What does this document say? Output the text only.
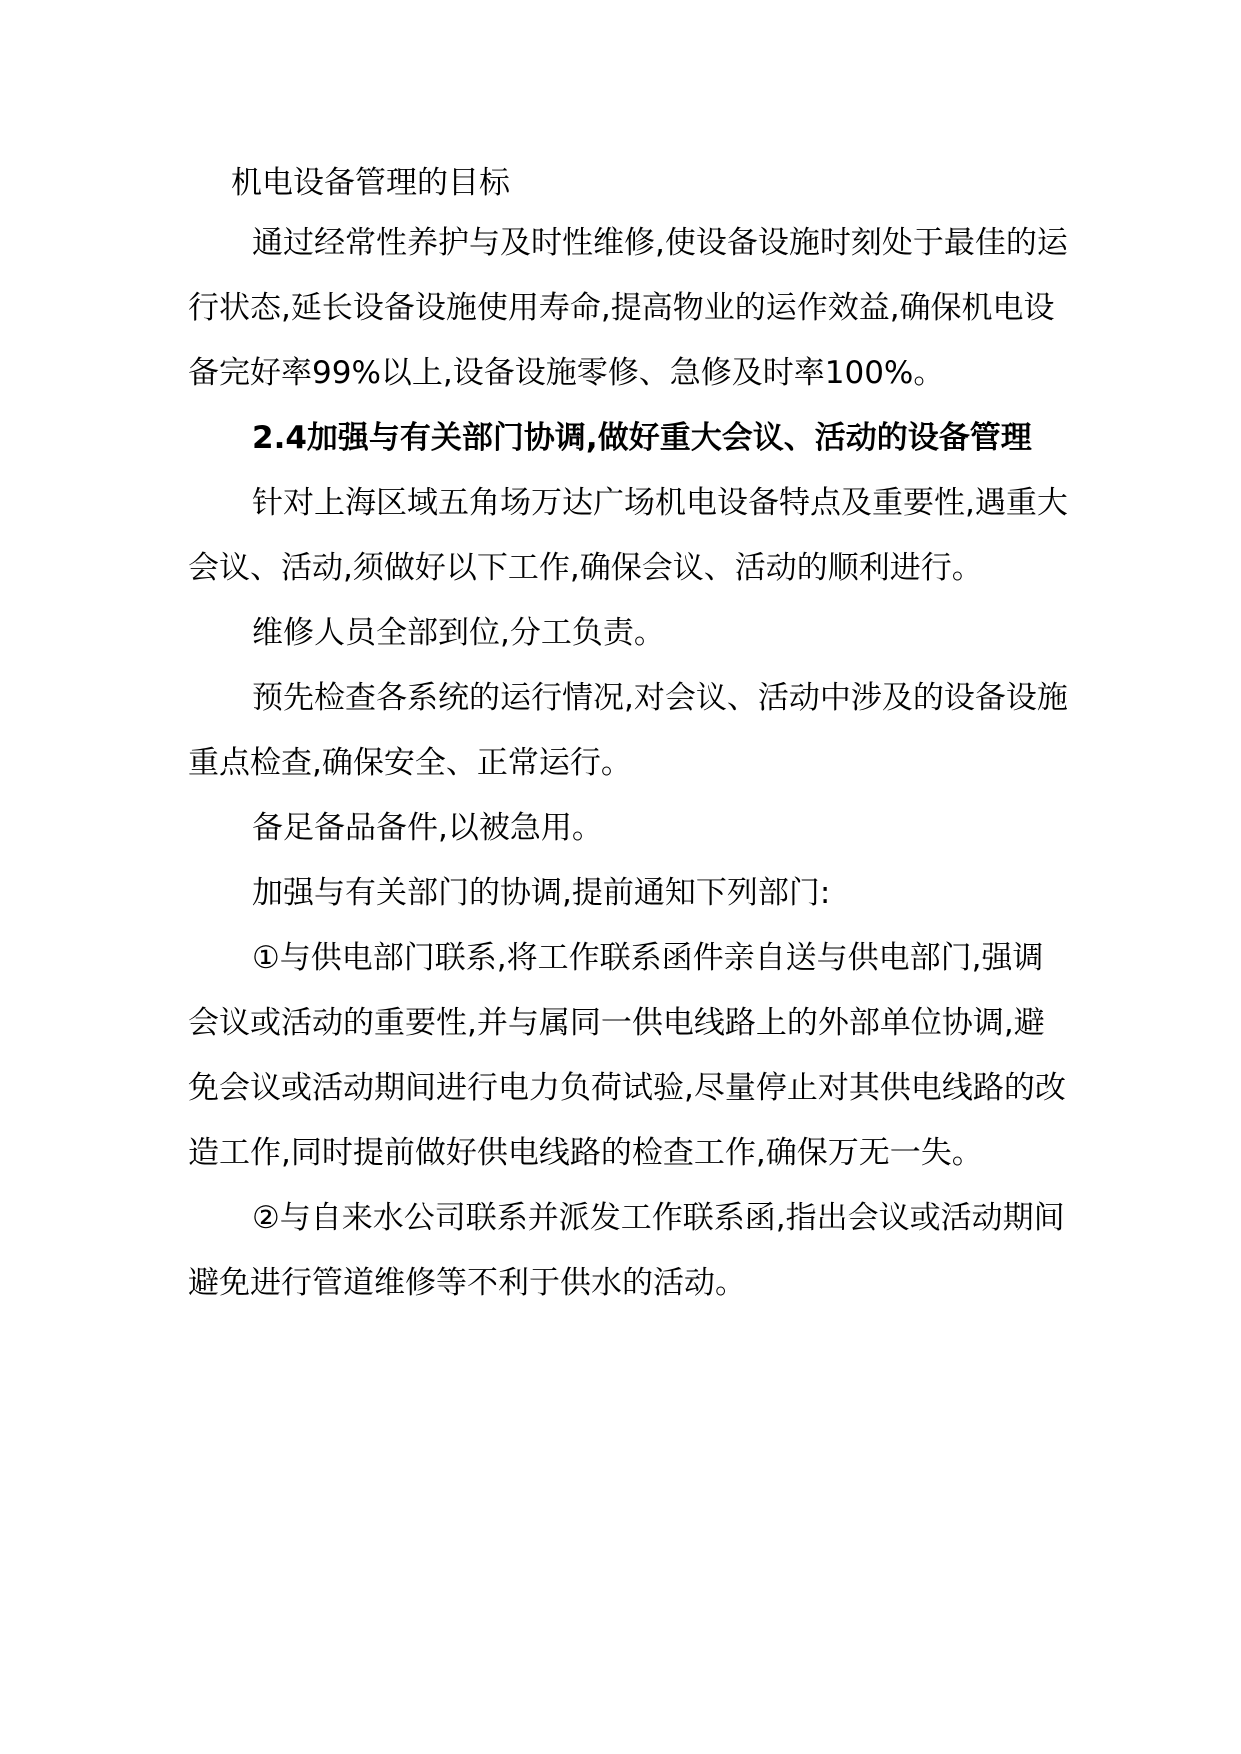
机电设备管理的目标

通过经常性养护与及时性维修,使设备设施时刻处于最佳的运行状态,延长设备设施使用寿命,提高物业的运作效益,确保机电设备完好率99%以上,设备设施零修、急修及时率100%。

2.4加强与有关部门协调,做好重大会议、活动的设备管理

针对上海区域五角场万达广场机电设备特点及重要性,遇重大会议、活动,须做好以下工作,确保会议、活动的顺利进行。

维修人员全部到位,分工负责。

预先检查各系统的运行情况,对会议、活动中涉及的设备设施重点检查,确保安全、正常运行。

备足备品备件,以被急用。

加强与有关部门的协调,提前通知下列部门:

①与供电部门联系,将工作联系函件亲自送与供电部门,强调会议或活动的重要性,并与属同一供电线路上的外部单位协调,避免会议或活动期间进行电力负荷试验,尽量停止对其供电线路的改造工作,同时提前做好供电线路的检查工作,确保万无一失。

②与自来水公司联系并派发工作联系函,指出会议或活动期间避免进行管道维修等不利于供水的活动。
